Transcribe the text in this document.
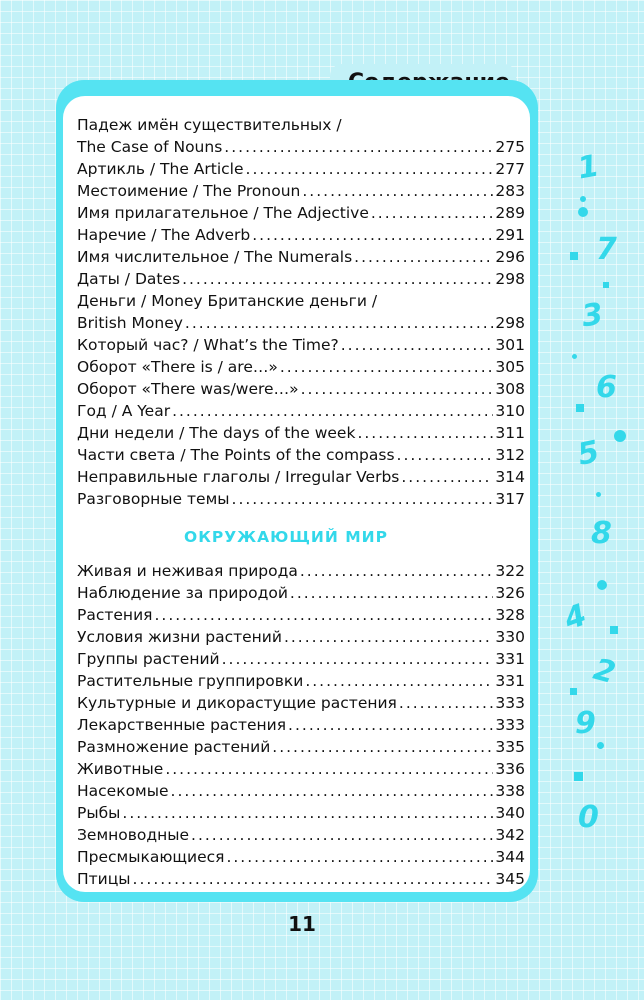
Падеж имён существительных /
The Case of Nouns .....	275
Артикль / The Article .....	277
Местоимение / The Pronoun .....	283
Имя прилагательное / The Adjective .....	289
Наречие / The Adverb .....	291
Имя числительное / The Numerals .....	296
Даты / Dates .....	298
Деньги / Money Британские деньги /
British Money .....	298
Который час? / What’s the Time? .....	301
Оборот «There is / are…» .....	305
Оборот «There was/were…» .....	308
Год / A Year .....	310
Дни недели / The days of the week .....	311
Части света / The Points of the compass .....	312
Неправильные глаголы / Irregular Verbs .....	314
Разговорные темы .....	317
ОКРУЖАЮЩИЙ МИР
Живая и неживая природа .....	322
Наблюдение за природой .....	326
Растения .....	328
Условия жизни растений .....	330
Группы растений .....	331
Растительные группировки .....	331
Культурные и дикорастущие растения .....	333
Лекарственные растения .....	333
Размножение растений .....	335
Животные .....	336
Насекомые .....	338
Рыбы .....	340
Земноводные .....	342
Пресмыкающиеся .....	344
Птицы .....	345
11
1
7
3
6
5
8
4
2
9
0
